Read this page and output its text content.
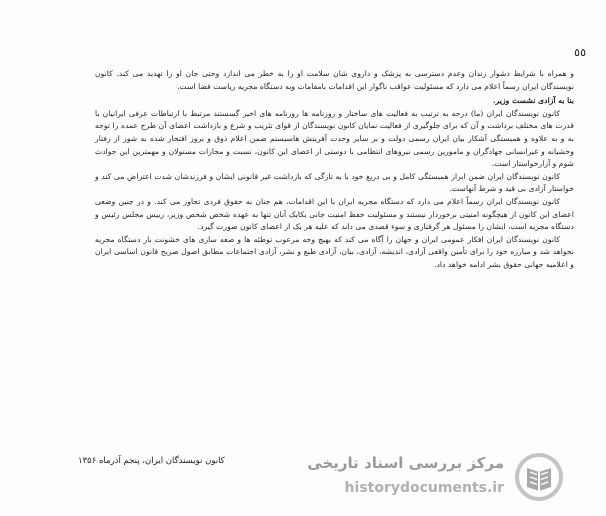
٥٥

و همراه با شرایط دشوار زندان وعدم دسترسی به پزشک و داروی شان سلامت او را به خطر می اندازد وحتی جان او را تهدید می کند. کانون نویسندگان ایران رسماً اعلام می دارد که مسئولیت عواقب ناگوار این اقدامات بامقامات وبه دستگاه مجریه ریاست قضا است.

بنا به آزادی نشست وزیر.

کانون نویسندگان ایران (ما) درجه به ترتیب به فعالیت های ساختار و روزنامه ها روزنامه های اخیر گسستند مرتبط با ارتباطات عرفی ایرانیان با قدرت های مختلف برداشت و آن که برای جلوگیری از فعالیت نمایان کانون نویسندگان از قوای تثریب و شرع و بازداشت اعضای آن طرح عمده را توجه به و به علاوه و همبستگی آشکار بیان ایران رسمی دولت و بر سایر وحدت آفرینش هاسیستم ضمن اعلام ذوق و بروز افتخار شده به شور از رفتار وحشیانه و غیرانسانی جهادگران و مامورین رسمی نیروهای انتظامی با دوستی از اعضای این کانون، نسبت و مجازات مستولان و مهمترین این حوادث شوم و آزارخواستار است.

کانون نویسندگان ایران ضمن ابراز همبستگی کامل و بی دریغ خود با به تازگی که بازداشت غیر قانونی ایشان و فرزندشان شدت اعتراض می کند و خواستار آزادی بی قید و شرط آنهاست.

کانون نویسندگان ایران رسماً اعلام می دارد که دستگاه مجریه ایران با این اقدامات، هم جنان به حقوق فردی تجاوز می کند. و در چنین وضعی اعضای این کانون از هیچگونه امنیتی برخوردار نیستند و مسئولیت حفظ امنیت جانی یکایک آنان تنها به عهده شخص شخص وزیر، رییس مجلس رئیس و دستگاه مجریه است، ایشان را مسئول هر گرفتاری و سوء قصدی می داند که علیه هر یک از اعضای کانون صورت گیرد.

کانون نویسندگان ایران افکار عمومی ایران و جهان را آگاه می کند که بهیچ وجه مرعوب توطئه ها و ضعه سازی های خشونت بار دستگاه مجریه نخواهد شد و مبارزه خود را برای تأمین واقعی آزادی، اندیشه، آزادی، بیان، آزادی طبع و نشر، آزادی اجتماعات مطابق اصول صریح قانون اساسی ایران و اعلامیه جهانی حقوق بشر ادامه خواهد داد.

کانون نویسندگان ایران، پنجم آذرماه ۱۳۵۶	مرکز بررسی اسناد تاریخی
historydocuments.ir
